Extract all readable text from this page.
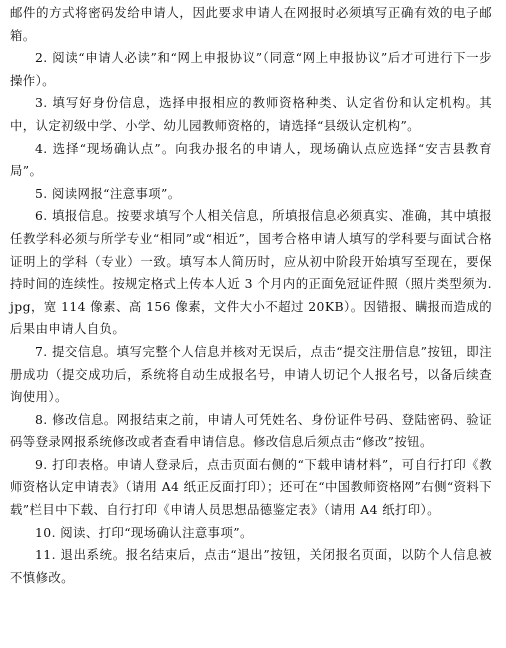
邮件的方式将密码发给申请人，因此要求申请人在网报时必须填写正确有效的电子邮箱。

2. 阅读“申请人必读”和“网上申报协议”（同意“网上申报协议”后才可进行下一步操作）。

3. 填写好身份信息，选择申报相应的教师资格种类、认定省份和认定机构。其中，认定初级中学、小学、幼儿园教师资格的，请选择“县级认定机构”。

4. 选择“现场确认点”。向我办报名的申请人，现场确认点应选择“安吉县教育局”。

5. 阅读网报“注意事项”。

6. 填报信息。按要求填写个人相关信息，所填报信息必须真实、准确，其中填报任教学科必须与所学专业“相同”或“相近”，国考合格申请人填写的学科要与面试合格证明上的学科（专业）一致。填写本人简历时，应从初中阶段开始填写至现在，要保持时间的连续性。按规定格式上传本人近 3 个月内的正面免冠证件照（照片类型须为. jpg，宽 114 像素、高 156 像素，文件大小不超过 20KB）。因错报、瞒报而造成的后果由申请人自负。

7. 提交信息。填写完整个人信息并核对无误后，点击“提交注册信息”按钮，即注册成功（提交成功后，系统将自动生成报名号，申请人切记个人报名号，以备后续查询使用）。

8. 修改信息。网报结束之前，申请人可凭姓名、身份证件号码、登陆密码、验证码等登录网报系统修改或者查看申请信息。修改信息后须点击“修改”按钮。

9. 打印表格。申请人登录后，点击页面右侧的“下载申请材料”，可自行打印《教师资格认定申请表》（请用 A4 纸正反面打印）；还可在“中国教师资格网”右侧“资料下载”栏目中下载、自行打印《申请人员思想品德鉴定表》（请用 A4 纸打印）。

10. 阅读、打印“现场确认注意事项”。

11. 退出系统。报名结束后，点击“退出”按钮，关闭报名页面，以防个人信息被不慎修改。
